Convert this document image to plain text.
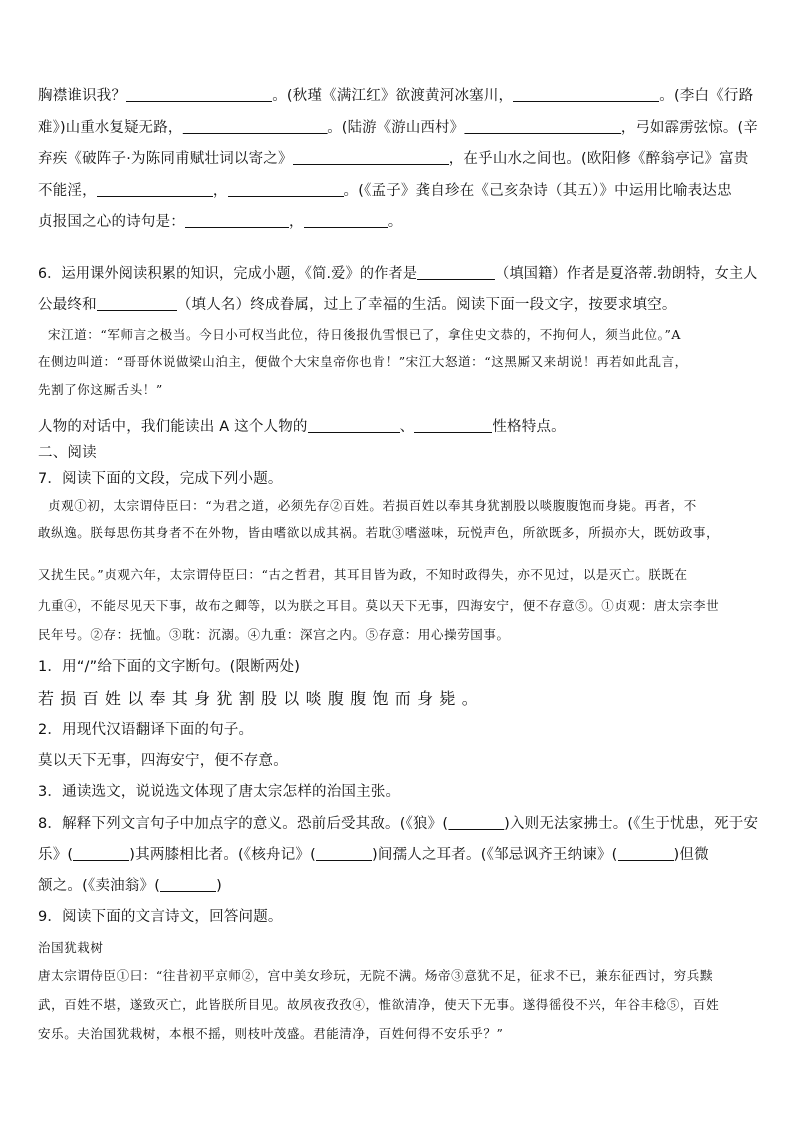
胸襟谁识我？	。(秋瑾《满江红》欲渡黄河冰塞川，	。(李白《行路
难》)山重水复疑无路，	。(陆游《游山西村》	，弓如霹雳弦惊。(辛
弃疾《破阵子·为陈同甫赋壮词以寄之》	，在乎山水之间也。(欧阳修《醉翁亭记》富贵
不能淫，	，	。(《孟子》龚自珍在《己亥杂诗（其五）》中运用比喻表达忠
贞报国之心的诗句是：	，	。
6．运用课外阅读积累的知识，完成小题，《简.爱》的作者是	（填国籍）作者是夏洛蒂.勃朗特，女主人
公最终和	（填人名）终成眷属，过上了幸福的生活。阅读下面一段文字，按要求填空。
宋江道：“军师言之极当。今日小可权当此位，待日後报仇雪恨已了，拿住史文恭的，不拘何人，须当此位。”A
在侧边叫道：“哥哥休说做梁山泊主，便做个大宋皇帝你也肯！”宋江大怒道：“这黑厮又来胡说！再若如此乱言，
先割了你这厮舌头！”
人物的对话中，我们能读出 A 这个人物的	、	性格特点。
二、阅读
7．阅读下面的文段，完成下列小题。
贞观①初，太宗谓侍臣曰：“为君之道，必须先存②百姓。若损百姓以奉其身犹割股以啖腹腹饱而身毙。再者，不
敢纵逸。朕每思伤其身者不在外物，皆由嗜欲以成其祸。若耽③嗜滋味，玩悦声色，所欲既多，所损亦大，既妨政事，
又扰生民。”贞观六年，太宗谓侍臣曰：“古之哲君，其耳目皆为政，不知时政得失，亦不见过，以是灭亡。朕既在
九重④，不能尽见天下事，故布之卿等，以为朕之耳目。莫以天下无事，四海安宁，便不存意⑤。①贞观：唐太宗李世
民年号。②存：抚恤。③耽：沉溺。④九重：深宫之内。⑤存意：用心操劳国事。
1．用“/”给下面的文字断句。(限断两处)
若损百姓以奉其身犹割股以啖腹腹饱而身毙。
2．用现代汉语翻译下面的句子。
莫以天下无事，四海安宁，便不存意。
3．通读选文，说说选文体现了唐太宗怎样的治国主张。
8．解释下列文言句子中加点字的意义。恐前后受其敌。(《狼》(	)入则无法家拂士。(《生于忧患，死于安
乐》(	)其两膝相比者。(《核舟记》(	)间孺人之耳者。(《邹忌讽齐王纳谏》(	)但微
颔之。(《卖油翁》(	)
9．阅读下面的文言诗文，回答问题。
治国犹栽树
唐太宗谓侍臣①曰：“往昔初平京师②，宫中美女珍玩，无院不满。炀帝③意犹不足，征求不已，兼东征西讨，穷兵黩
武，百姓不堪，遂致灭亡，此皆朕所目见。故夙夜孜孜④，惟欲清净，使天下无事。遂得徭役不兴，年谷丰稔⑤，百姓
安乐。夫治国犹栽树，本根不摇，则枝叶茂盛。君能清净，百姓何得不安乐乎？”
